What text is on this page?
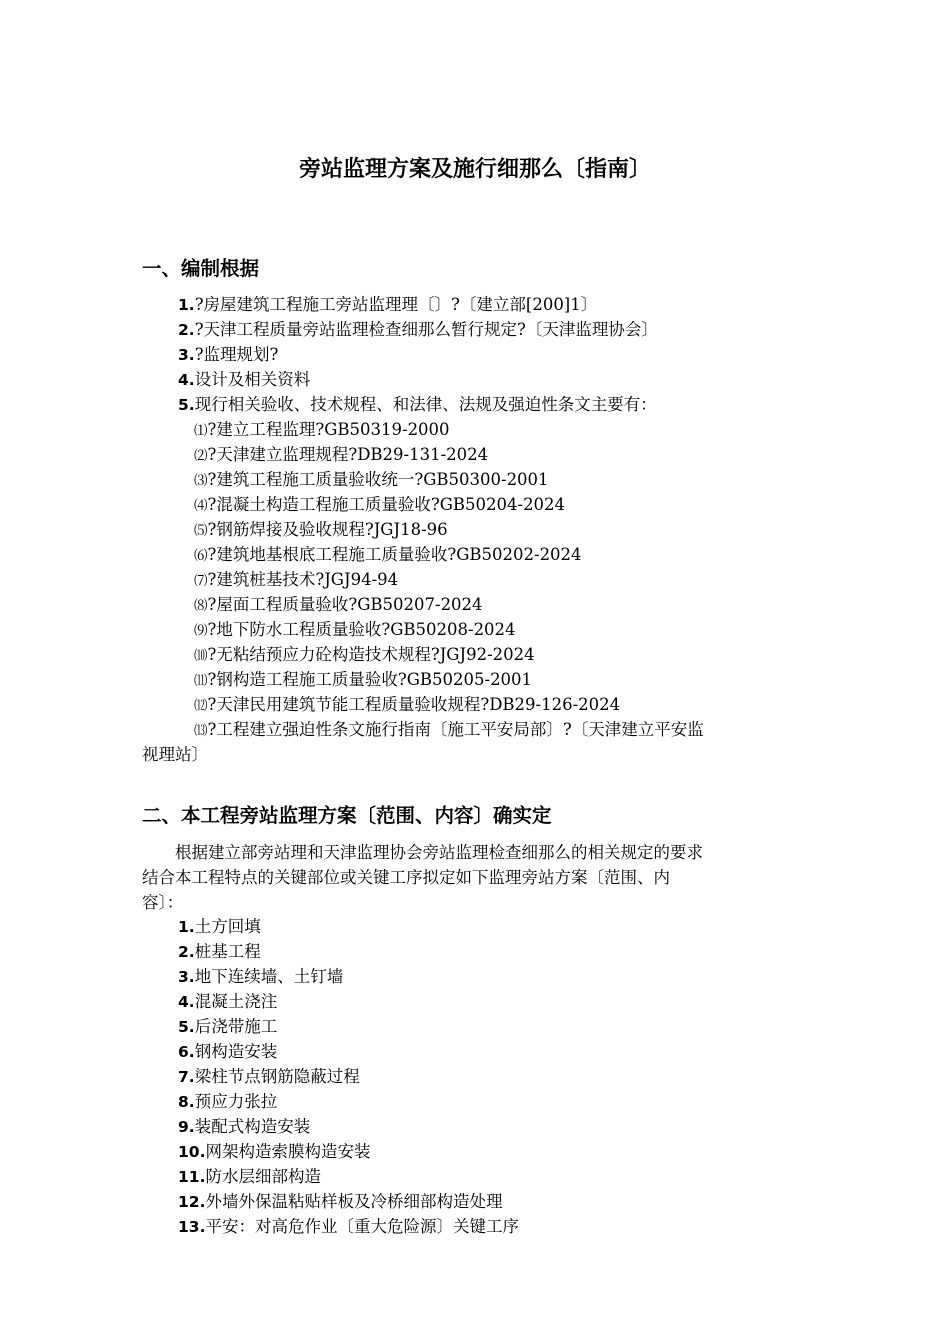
旁站监理方案及施行细那么〔指南〕
一、编制根据
1.?房屋建筑工程施工旁站监理理〔〕?〔建立部[200]1〕
2.?天津工程质量旁站监理检查细那么暂行规定?〔天津监理协会〕
3.?监理规划?
4.设计及相关资料
5.现行相关验收、技术规程、和法律、法规及强迫性条文主要有：
⑴?建立工程监理?GB50319-2000
⑵?天津建立监理规程?DB29-131-2024
⑶?建筑工程施工质量验收统一?GB50300-2001
⑷?混凝土构造工程施工质量验收?GB50204-2024
⑸?钢筋焊接及验收规程?JGJ18-96
⑹?建筑地基根底工程施工质量验收?GB50202-2024
⑺?建筑桩基技术?JGJ94-94
⑻?屋面工程质量验收?GB50207-2024
⑼?地下防水工程质量验收?GB50208-2024
⑽?无粘结预应力砼构造技术规程?JGJ92-2024
⑾?钢构造工程施工质量验收?GB50205-2001
⑿?天津民用建筑节能工程质量验收规程?DB29-126-2024
⒀?工程建立强迫性条文施行指南〔施工平安局部〕?〔天津建立平安监
视理站〕
二、本工程旁站监理方案〔范围、内容〕确实定
　　根据建立部旁站理和天津监理协会旁站监理检查细那么的相关规定的要求
结合本工程特点的关键部位或关键工序拟定如下监理旁站方案〔范围、内
容〕：
1.土方回填
2.桩基工程
3.地下连续墙、土钉墙
4.混凝土浇注
5.后浇带施工
6.钢构造安装
7.梁柱节点钢筋隐蔽过程
8.预应力张拉
9.装配式构造安装
10.网架构造索膜构造安装
11.防水层细部构造
12.外墙外保温粘贴样板及冷桥细部构造处理
13.平安：对高危作业〔重大危险源〕关键工序
